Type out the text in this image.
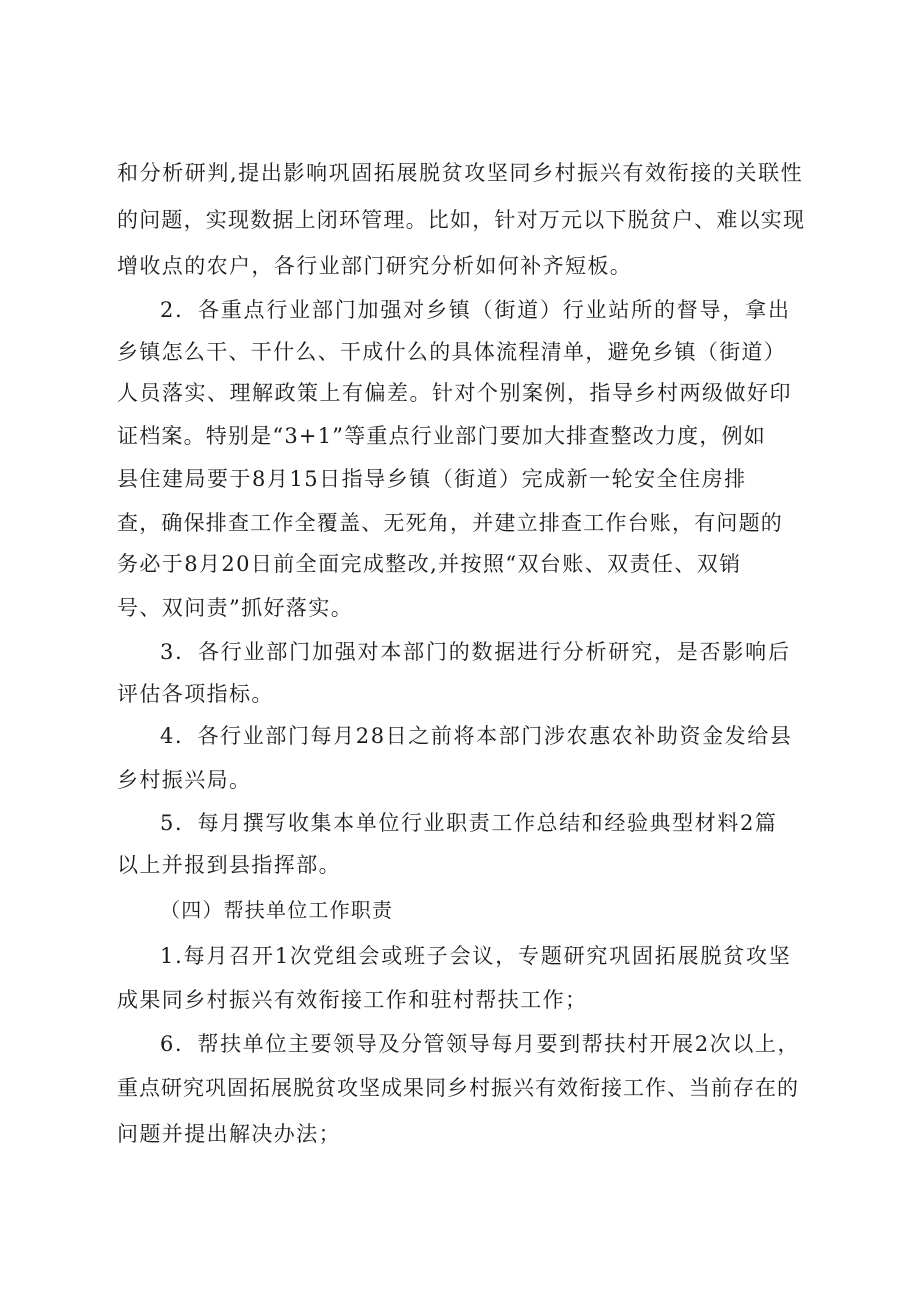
和分析研判,提出影响巩固拓展脱贫攻坚同乡村振兴有效衔接的关联性
的问题，实现数据上闭环管理。比如，针对万元以下脱贫户、难以实现
增收点的农户，各行业部门研究分析如何补齐短板。
2．各重点行业部门加强对乡镇（街道）行业站所的督导，拿出
乡镇怎么干、干什么、干成什么的具体流程清单，避免乡镇（街道）
人员落实、理解政策上有偏差。针对个别案例，指导乡村两级做好印
证档案。特别是“3+1”等重点行业部门要加大排查整改力度，例如
县住建局要于8月15日指导乡镇（街道）完成新一轮安全住房排
查，确保排查工作全覆盖、无死角，并建立排查工作台账，有问题的
务必于8月20日前全面完成整改,并按照“双台账、双责任、双销
号、双问责”抓好落实。
3．各行业部门加强对本部门的数据进行分析研究，是否影响后
评估各项指标。
4．各行业部门每月28日之前将本部门涉农惠农补助资金发给县
乡村振兴局。
5．每月撰写收集本单位行业职责工作总结和经验典型材料2篇
以上并报到县指挥部。
（四）帮扶单位工作职责
1.每月召开1次党组会或班子会议，专题研究巩固拓展脱贫攻坚
成果同乡村振兴有效衔接工作和驻村帮扶工作；
6．帮扶单位主要领导及分管领导每月要到帮扶村开展2次以上，
重点研究巩固拓展脱贫攻坚成果同乡村振兴有效衔接工作、当前存在的
问题并提出解决办法；
